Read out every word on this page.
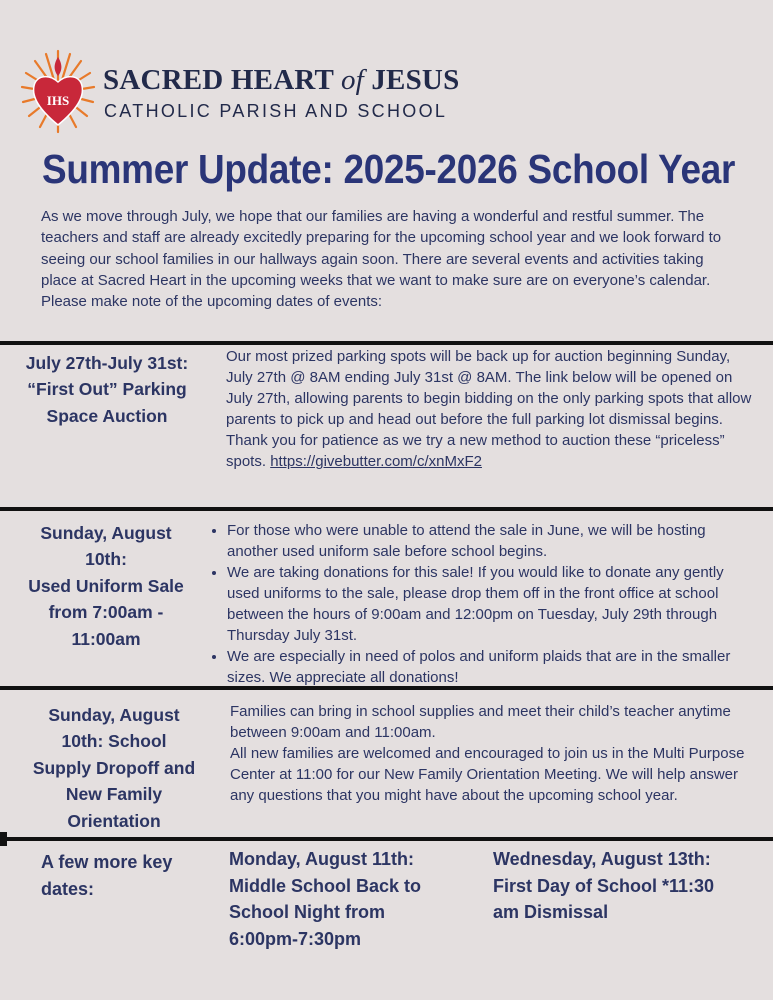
IHS
SACRED HEART of JESUS
CATHOLIC PARISH AND SCHOOL
Summer Update: 2025-2026 School Year
As we move through July, we hope that our families are having a wonderful and restful summer. The teachers and staff are already excitedly preparing for the upcoming school year and we look forward to seeing our school families in our hallways again soon. There are several events and activities taking place at Sacred Heart in the upcoming weeks that we want to make sure are on everyone’s calendar. Please make note of the upcoming dates of events:
July 27th-July 31st: “First Out” Parking Space Auction
Our most prized parking spots will be back up for auction beginning Sunday, July 27th @ 8AM ending July 31st @ 8AM. The link below will be opened on July 27th, allowing parents to begin bidding on the only parking spots that allow parents to pick up and head out before the full parking lot dismissal begins.
Thank you for patience as we try a new method to auction these “priceless” spots. https://givebutter.com/c/xnMxF2
Sunday, August 10th:
Used Uniform Sale from 7:00am - 11:00am
• For those who were unable to attend the sale in June, we will be hosting another used uniform sale before school begins.
• We are taking donations for this sale! If you would like to donate any gently used uniforms to the sale, please drop them off in the front office at school between the hours of 9:00am and 12:00pm on Tuesday, July 29th through Thursday July 31st.
• We are especially in need of polos and uniform plaids that are in the smaller sizes. We appreciate all donations!
Sunday, August 10th: School Supply Dropoff and New Family Orientation
Families can bring in school supplies and meet their child’s teacher anytime between 9:00am and 11:00am.
All new families are welcomed and encouraged to join us in the Multi Purpose Center at 11:00 for our New Family Orientation Meeting. We will help answer any questions that you might have about the upcoming school year.
A few more key dates:
Monday, August 11th: Middle School Back to School Night from 6:00pm-7:30pm
Wednesday, August 13th: First Day of School *11:30 am Dismissal
